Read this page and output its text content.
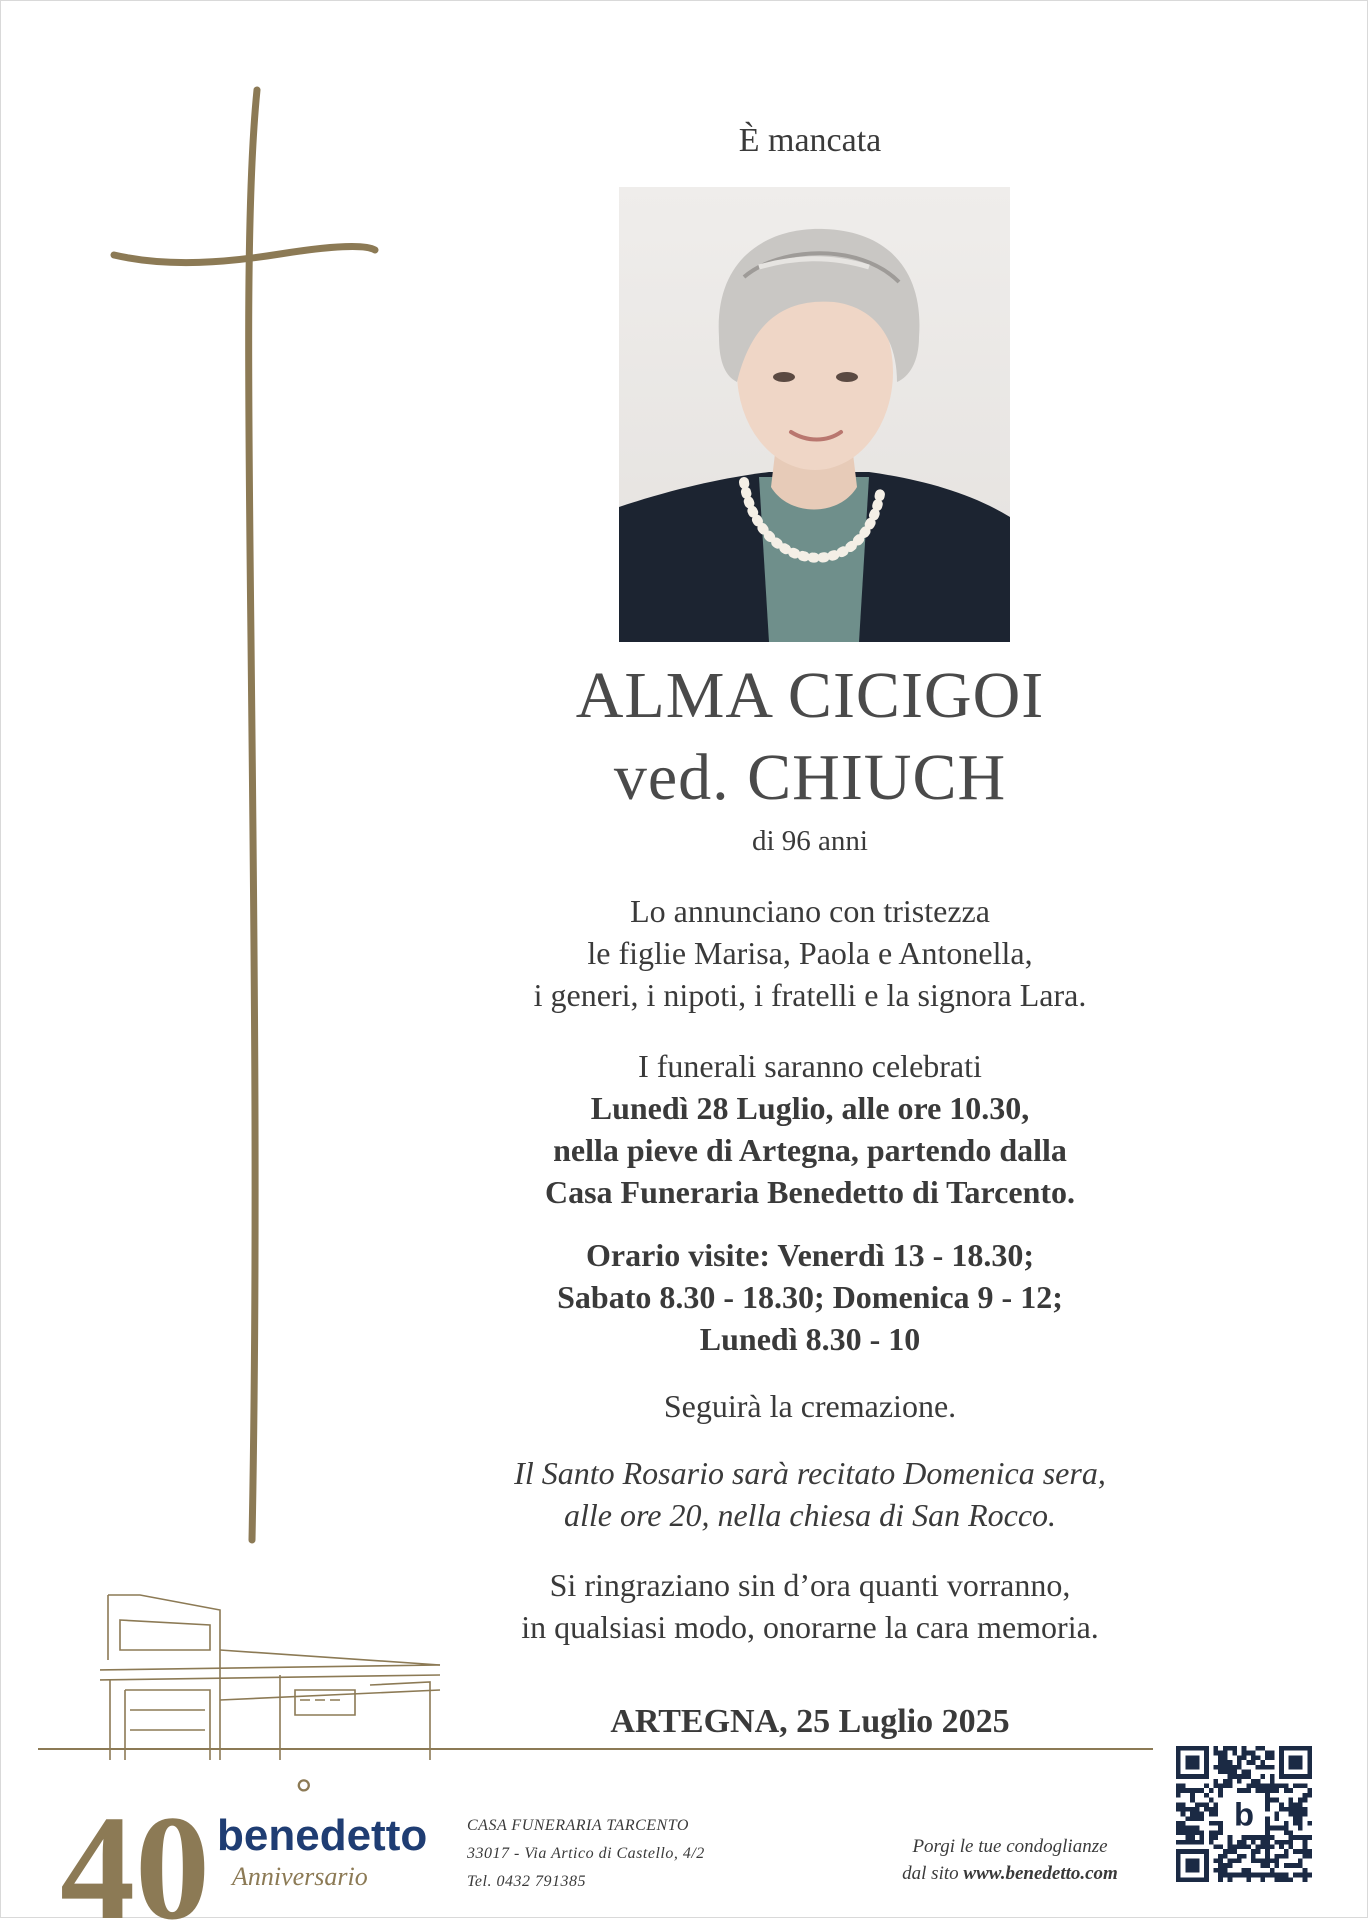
È mancata
ALMA CICIGOI
ved. CHIUCH
di 96 anni
Lo annunciano con tristezza
le figlie Marisa, Paola e Antonella,
i generi, i nipoti, i fratelli e la signora Lara.
I funerali saranno celebrati
Lunedì 28 Luglio, alle ore 10.30,
nella pieve di Artegna, partendo dalla
Casa Funeraria Benedetto di Tarcento.
Orario visite: Venerdì 13 - 18.30;
Sabato 8.30 - 18.30; Domenica 9 - 12;
Lunedì 8.30 - 10
Seguirà la cremazione.
Il Santo Rosario sarà recitato Domenica sera,
alle ore 20, nella chiesa di San Rocco.
Si ringraziano sin d’ora quanti vorranno,
in qualsiasi modo, onorarne la cara memoria.
ARTEGNA, 25 Luglio 2025
40 °
benedetto
Anniversario
CASA FUNERARIA TARCENTO
33017 - Via Artico di Castello, 4/2
Tel. 0432 791385
Porgi le tue condoglianze
dal sito www.benedetto.com
b
